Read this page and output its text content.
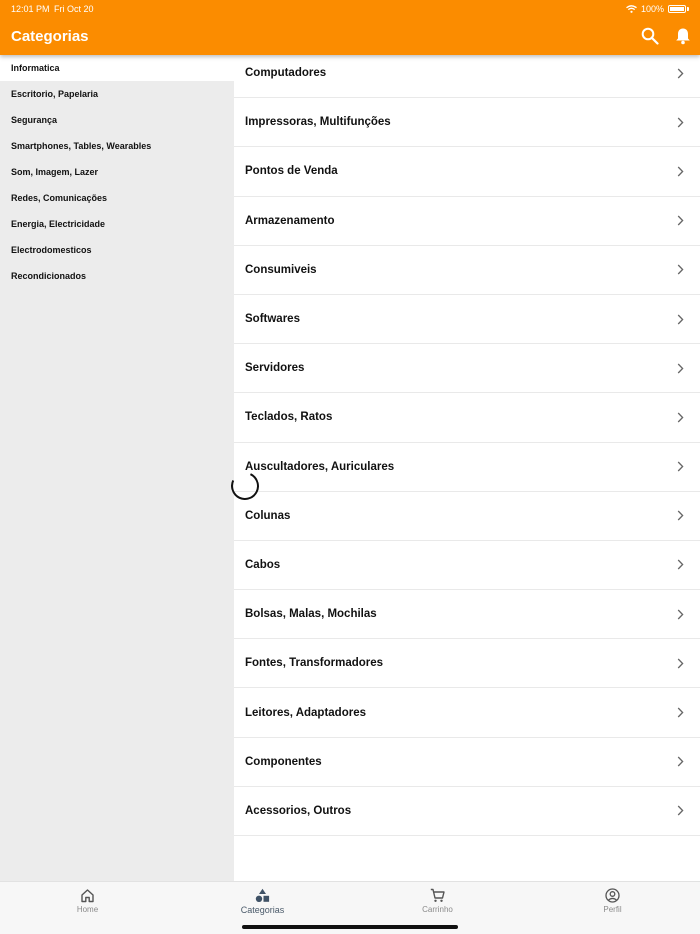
12:01 PM Fri Oct 20	100%
Categorias
Informatica
Escritorio, Papelaria
Segurança
Smartphones, Tables, Wearables
Som, Imagem, Lazer
Redes, Comunicações
Energia, Electricidade
Electrodomesticos
Recondicionados
Computadores
Impressoras, Multifunções
Pontos de Venda
Armazenamento
Consumiveis
Softwares
Servidores
Teclados, Ratos
Auscultadores, Auriculares
Colunas
Cabos
Bolsas, Malas, Mochilas
Fontes, Transformadores
Leitores, Adaptadores
Componentes
Acessorios, Outros
Home	Categorias	Carrinho	Perfil
